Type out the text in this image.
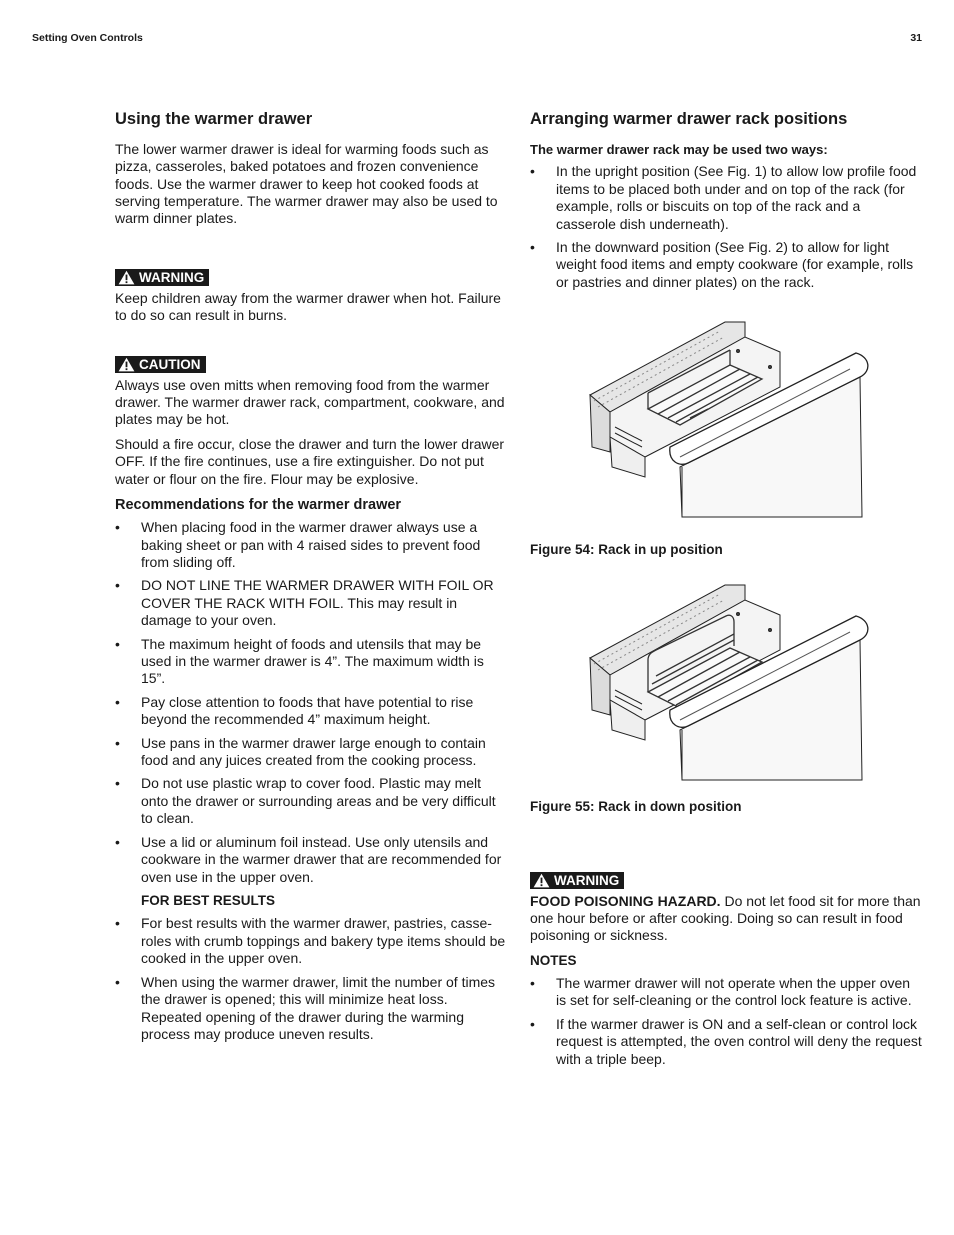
Setting Oven Controls	31
Using the warmer drawer

The lower warmer drawer is ideal for warming foods such as pizza, casseroles, baked potatoes and frozen convenience foods. Use the warmer drawer to keep hot cooked foods at serving temperature. The warmer drawer may also be used to warm dinner plates.

WARNING

Keep children away from the warmer drawer when hot. Failure to do so can result in burns.

CAUTION

Always use oven mitts when removing food from the warmer drawer. The warmer drawer rack, compartment, cookware, and plates may be hot.

Should a fire occur, close the drawer and turn the lower drawer OFF. If the fire continues, use a fire extinguisher. Do not put water or flour on the fire. Flour may be explosive.

Recommendations for the warmer drawer
• When placing food in the warmer drawer always use a baking sheet or pan with 4 raised sides to prevent food from sliding off.
• DO NOT LINE THE WARMER DRAWER WITH FOIL OR COVER THE RACK WITH FOIL. This may result in damage to your oven.
• The maximum height of foods and utensils that may be used in the warmer drawer is 4”. The maximum width is 15”.
• Pay close attention to foods that have potential to rise beyond the recommended 4” maximum height.
• Use pans in the warmer drawer large enough to contain food and any juices created from the cooking process.
• Do not use plastic wrap to cover food. Plastic may melt onto the drawer or surrounding areas and be very difficult to clean.
• Use a lid or aluminum foil instead. Use only utensils and cookware in the warmer drawer that are recommended for oven use in the upper oven.
FOR BEST RESULTS
• For best results with the warmer drawer, pastries, casse-roles with crumb toppings and bakery type items should be cooked in the upper oven.
• When using the warmer drawer, limit the number of times the drawer is opened; this will minimize heat loss. Repeated opening of the drawer during the warming process may produce uneven results.
Arranging warmer drawer rack positions
The warmer drawer rack may be used two ways:
• In the upright position (See Fig. 1) to allow low profile food items to be placed both under and on top of the rack (for example, rolls or biscuits on top of the rack and a casserole dish underneath).
• In the downward position (See Fig. 2) to allow for light weight food items and empty cookware (for example, rolls or pastries and dinner plates) on the rack.
Figure 54: Rack in up position
Figure 55: Rack in down position
WARNING

FOOD POISONING HAZARD. Do not let food sit for more than one hour before or after cooking. Doing so can result in food poisoning or sickness.

NOTES
• The warmer drawer will not operate when the upper oven is set for self-cleaning or the control lock feature is active.
• If the warmer drawer is ON and a self-clean or control lock request is attempted, the oven control will deny the request with a triple beep.
